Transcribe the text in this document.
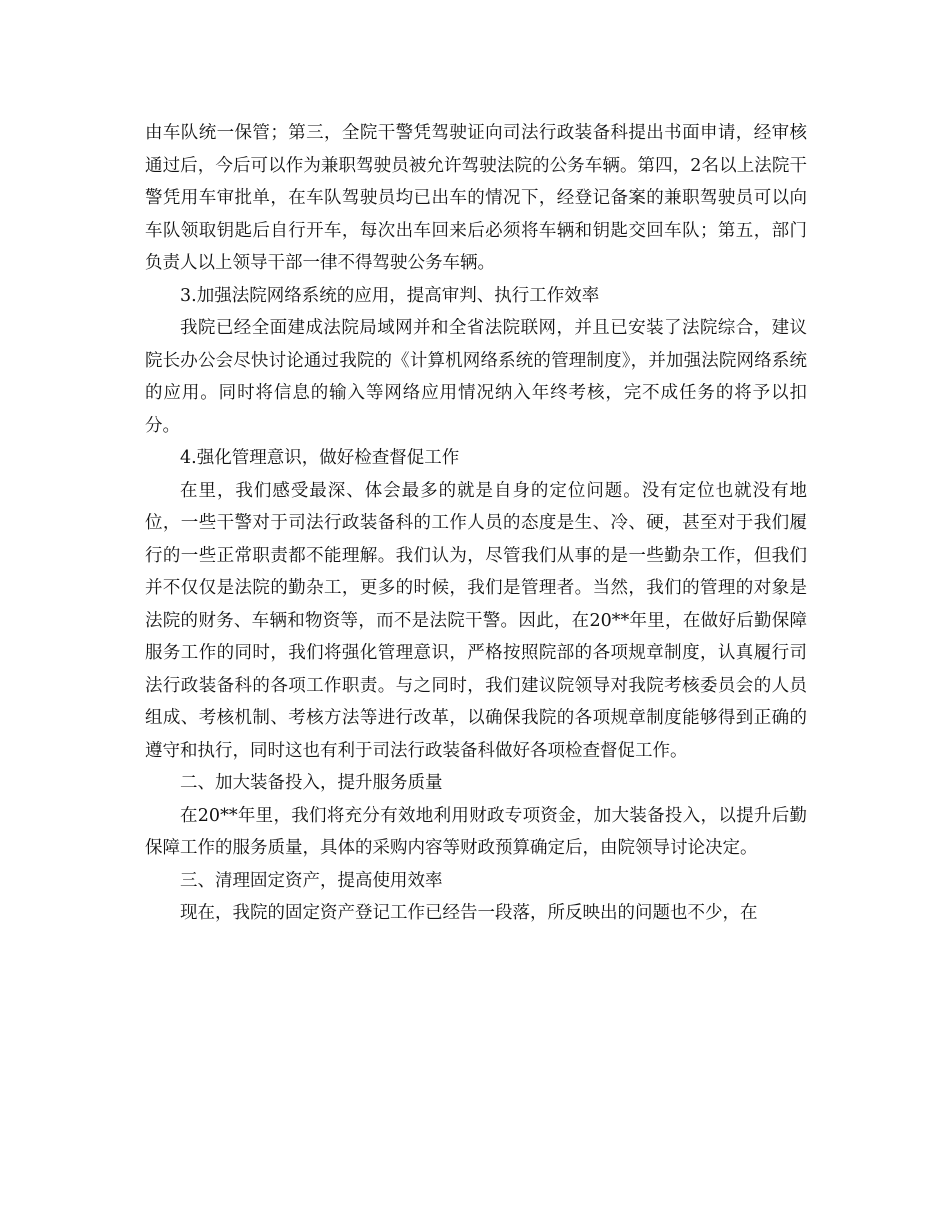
由车队统一保管；第三，全院干警凭驾驶证向司法行政装备科提出书面申请，经审核通过后，今后可以作为兼职驾驶员被允许驾驶法院的公务车辆。第四，2名以上法院干警凭用车审批单，在车队驾驶员均已出车的情况下，经登记备案的兼职驾驶员可以向车队领取钥匙后自行开车，每次出车回来后必须将车辆和钥匙交回车队；第五，部门负责人以上领导干部一律不得驾驶公务车辆。

3.加强法院网络系统的应用，提高审判、执行工作效率

我院已经全面建成法院局域网并和全省法院联网，并且已安装了法院综合，建议院长办公会尽快讨论通过我院的《计算机网络系统的管理制度》，并加强法院网络系统的应用。同时将信息的输入等网络应用情况纳入年终考核，完不成任务的将予以扣分。

4.强化管理意识，做好检查督促工作

在里，我们感受最深、体会最多的就是自身的定位问题。没有定位也就没有地位，一些干警对于司法行政装备科的工作人员的态度是生、冷、硬，甚至对于我们履行的一些正常职责都不能理解。我们认为，尽管我们从事的是一些勤杂工作，但我们并不仅仅是法院的勤杂工，更多的时候，我们是管理者。当然，我们的管理的对象是法院的财务、车辆和物资等，而不是法院干警。因此，在20**年里，在做好后勤保障服务工作的同时，我们将强化管理意识，严格按照院部的各项规章制度，认真履行司法行政装备科的各项工作职责。与之同时，我们建议院领导对我院考核委员会的人员组成、考核机制、考核方法等进行改革，以确保我院的各项规章制度能够得到正确的遵守和执行，同时这也有利于司法行政装备科做好各项检查督促工作。

二、加大装备投入，提升服务质量

在20**年里，我们将充分有效地利用财政专项资金，加大装备投入，以提升后勤保障工作的服务质量，具体的采购内容等财政预算确定后，由院领导讨论决定。

三、清理固定资产，提高使用效率

现在，我院的固定资产登记工作已经告一段落，所反映出的问题也不少，在
